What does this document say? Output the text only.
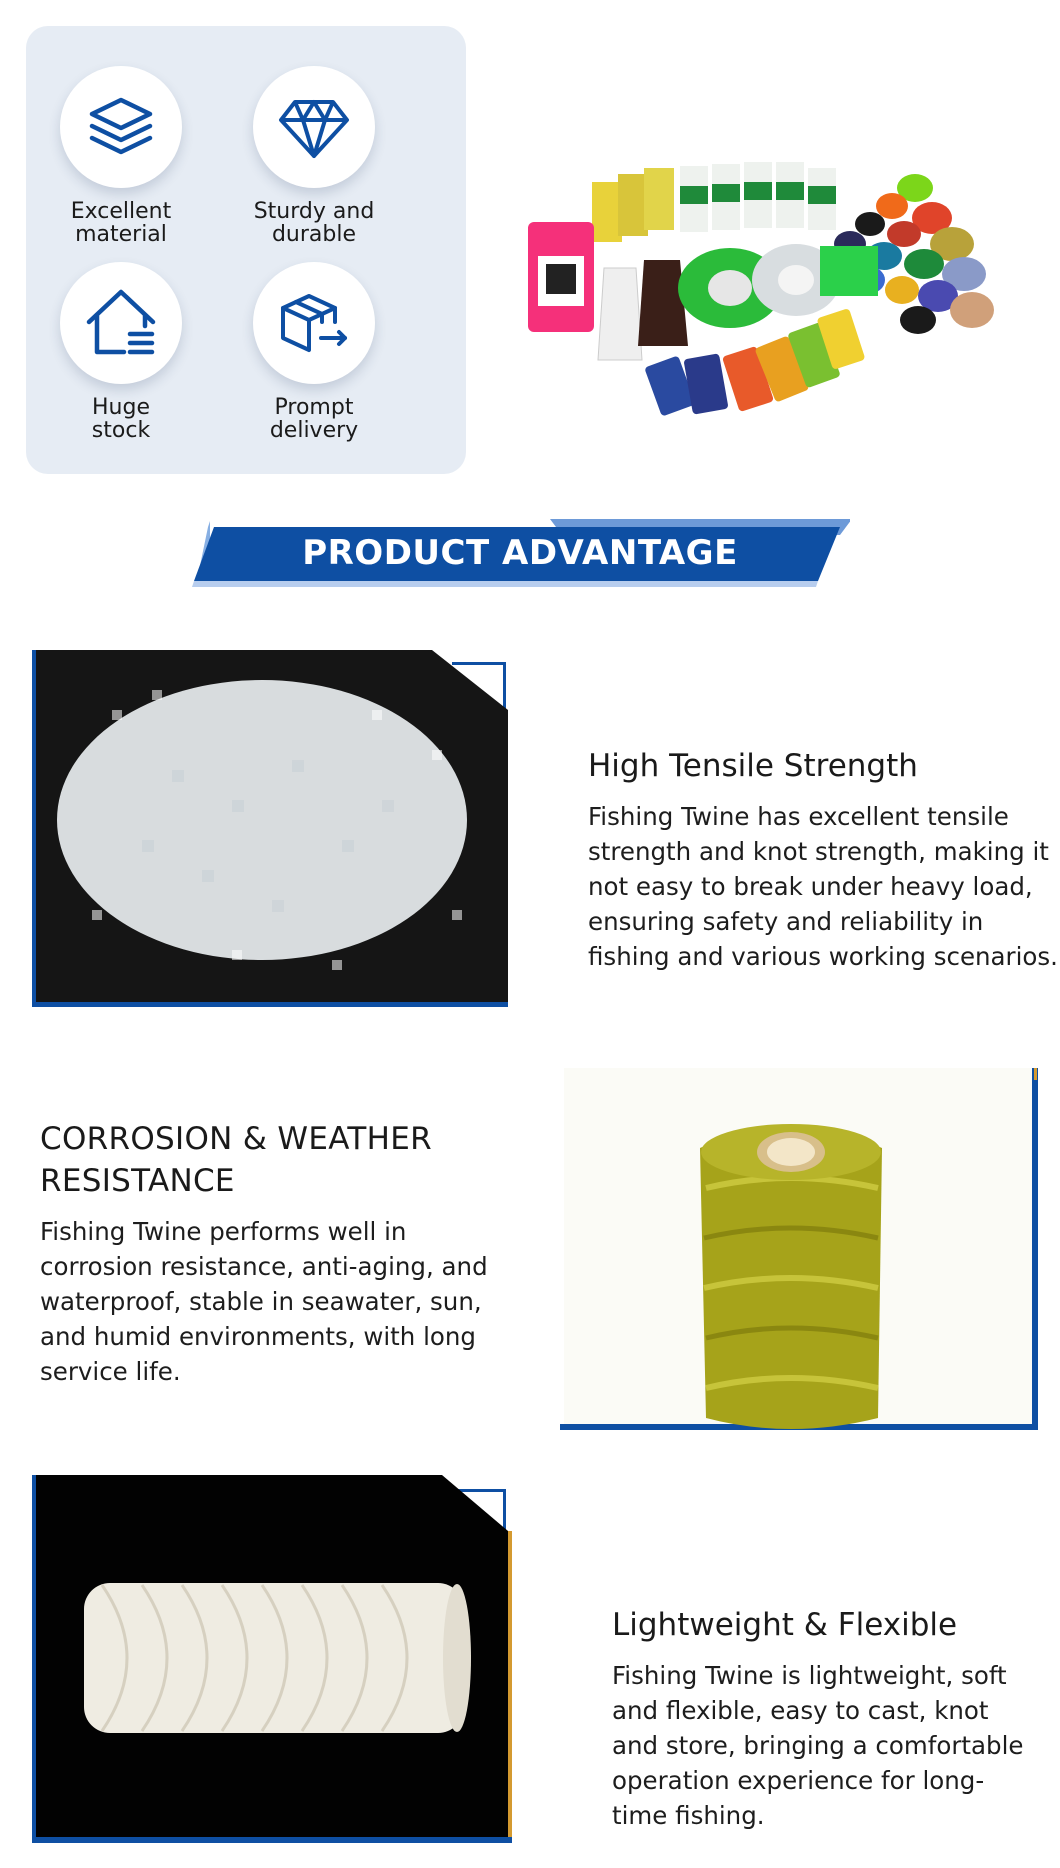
Excellent
material
Sturdy and
durable
Huge
stock
Prompt
delivery
PRODUCT ADVANTAGE
High Tensile Strength
Fishing Twine has excellent tensile strength and knot strength, making it not easy to break under heavy load, ensuring safety and reliability in fishing and various working scenarios.
CORROSION & WEATHER
RESISTANCE
Fishing Twine performs well in corrosion resistance, anti-aging, and waterproof, stable in seawater, sun, and humid environments, with long service life.
Lightweight & Flexible
Fishing Twine is lightweight, soft and flexible, easy to cast, knot and store, bringing a comfortable operation experience for long-time fishing.
